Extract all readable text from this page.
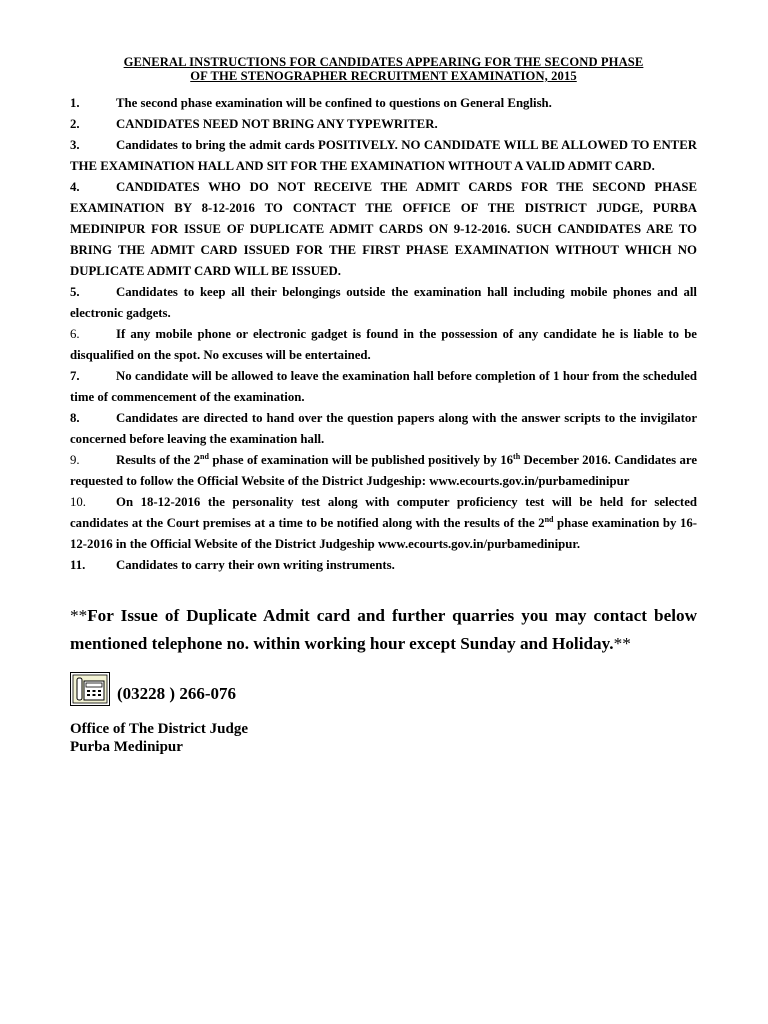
GENERAL INSTRUCTIONS FOR CANDIDATES APPEARING FOR THE SECOND PHASE
OF THE STENOGRAPHER RECRUITMENT EXAMINATION, 2015

1.	The second phase examination will be confined to questions on General English.

2.	CANDIDATES NEED NOT BRING ANY TYPEWRITER.

3.	Candidates to bring the admit cards POSITIVELY. NO CANDIDATE WILL BE ALLOWED TO ENTER THE EXAMINATION HALL AND SIT FOR THE EXAMINATION WITHOUT A VALID ADMIT CARD.

4.	CANDIDATES WHO DO NOT RECEIVE THE ADMIT CARDS FOR THE SECOND PHASE EXAMINATION BY 8-12-2016 TO CONTACT THE OFFICE OF THE DISTRICT JUDGE, PURBA MEDINIPUR FOR ISSUE OF DUPLICATE ADMIT CARDS ON 9-12-2016. SUCH CANDIDATES ARE TO BRING THE ADMIT CARD ISSUED FOR THE FIRST PHASE EXAMINATION WITHOUT WHICH NO DUPLICATE ADMIT CARD WILL BE ISSUED.

5.	Candidates to keep all their belongings outside the examination hall including mobile phones and all electronic gadgets.

6.	If any mobile phone or electronic gadget is found in the possession of any candidate he is liable to be disqualified on the spot. No excuses will be entertained.

7.	No candidate will be allowed to leave the examination hall before completion of 1 hour from the scheduled time of commencement of the examination.

8.	Candidates are directed to hand over the question papers along with the answer scripts to the invigilator concerned before leaving the examination hall.

9.	Results of the 2nd phase of examination will be published positively by 16th December 2016. Candidates are requested to follow the Official Website of the District Judgeship: www.ecourts.gov.in/purbamedinipur

10. On 18-12-2016 the personality test along with computer proficiency test will be held for selected candidates at the Court premises at a time to be notified along with the results of the 2nd phase examination by 16-12-2016 in the Official Website of the District Judgeship www.ecourts.gov.in/purbamedinipur.

11. Candidates to carry their own writing instruments.

**For Issue of Duplicate Admit card and further quarries you may contact below mentioned telephone no. within working hour except Sunday and Holiday.**
(03228 ) 266-076
Office of The District Judge
Purba Medinipur
